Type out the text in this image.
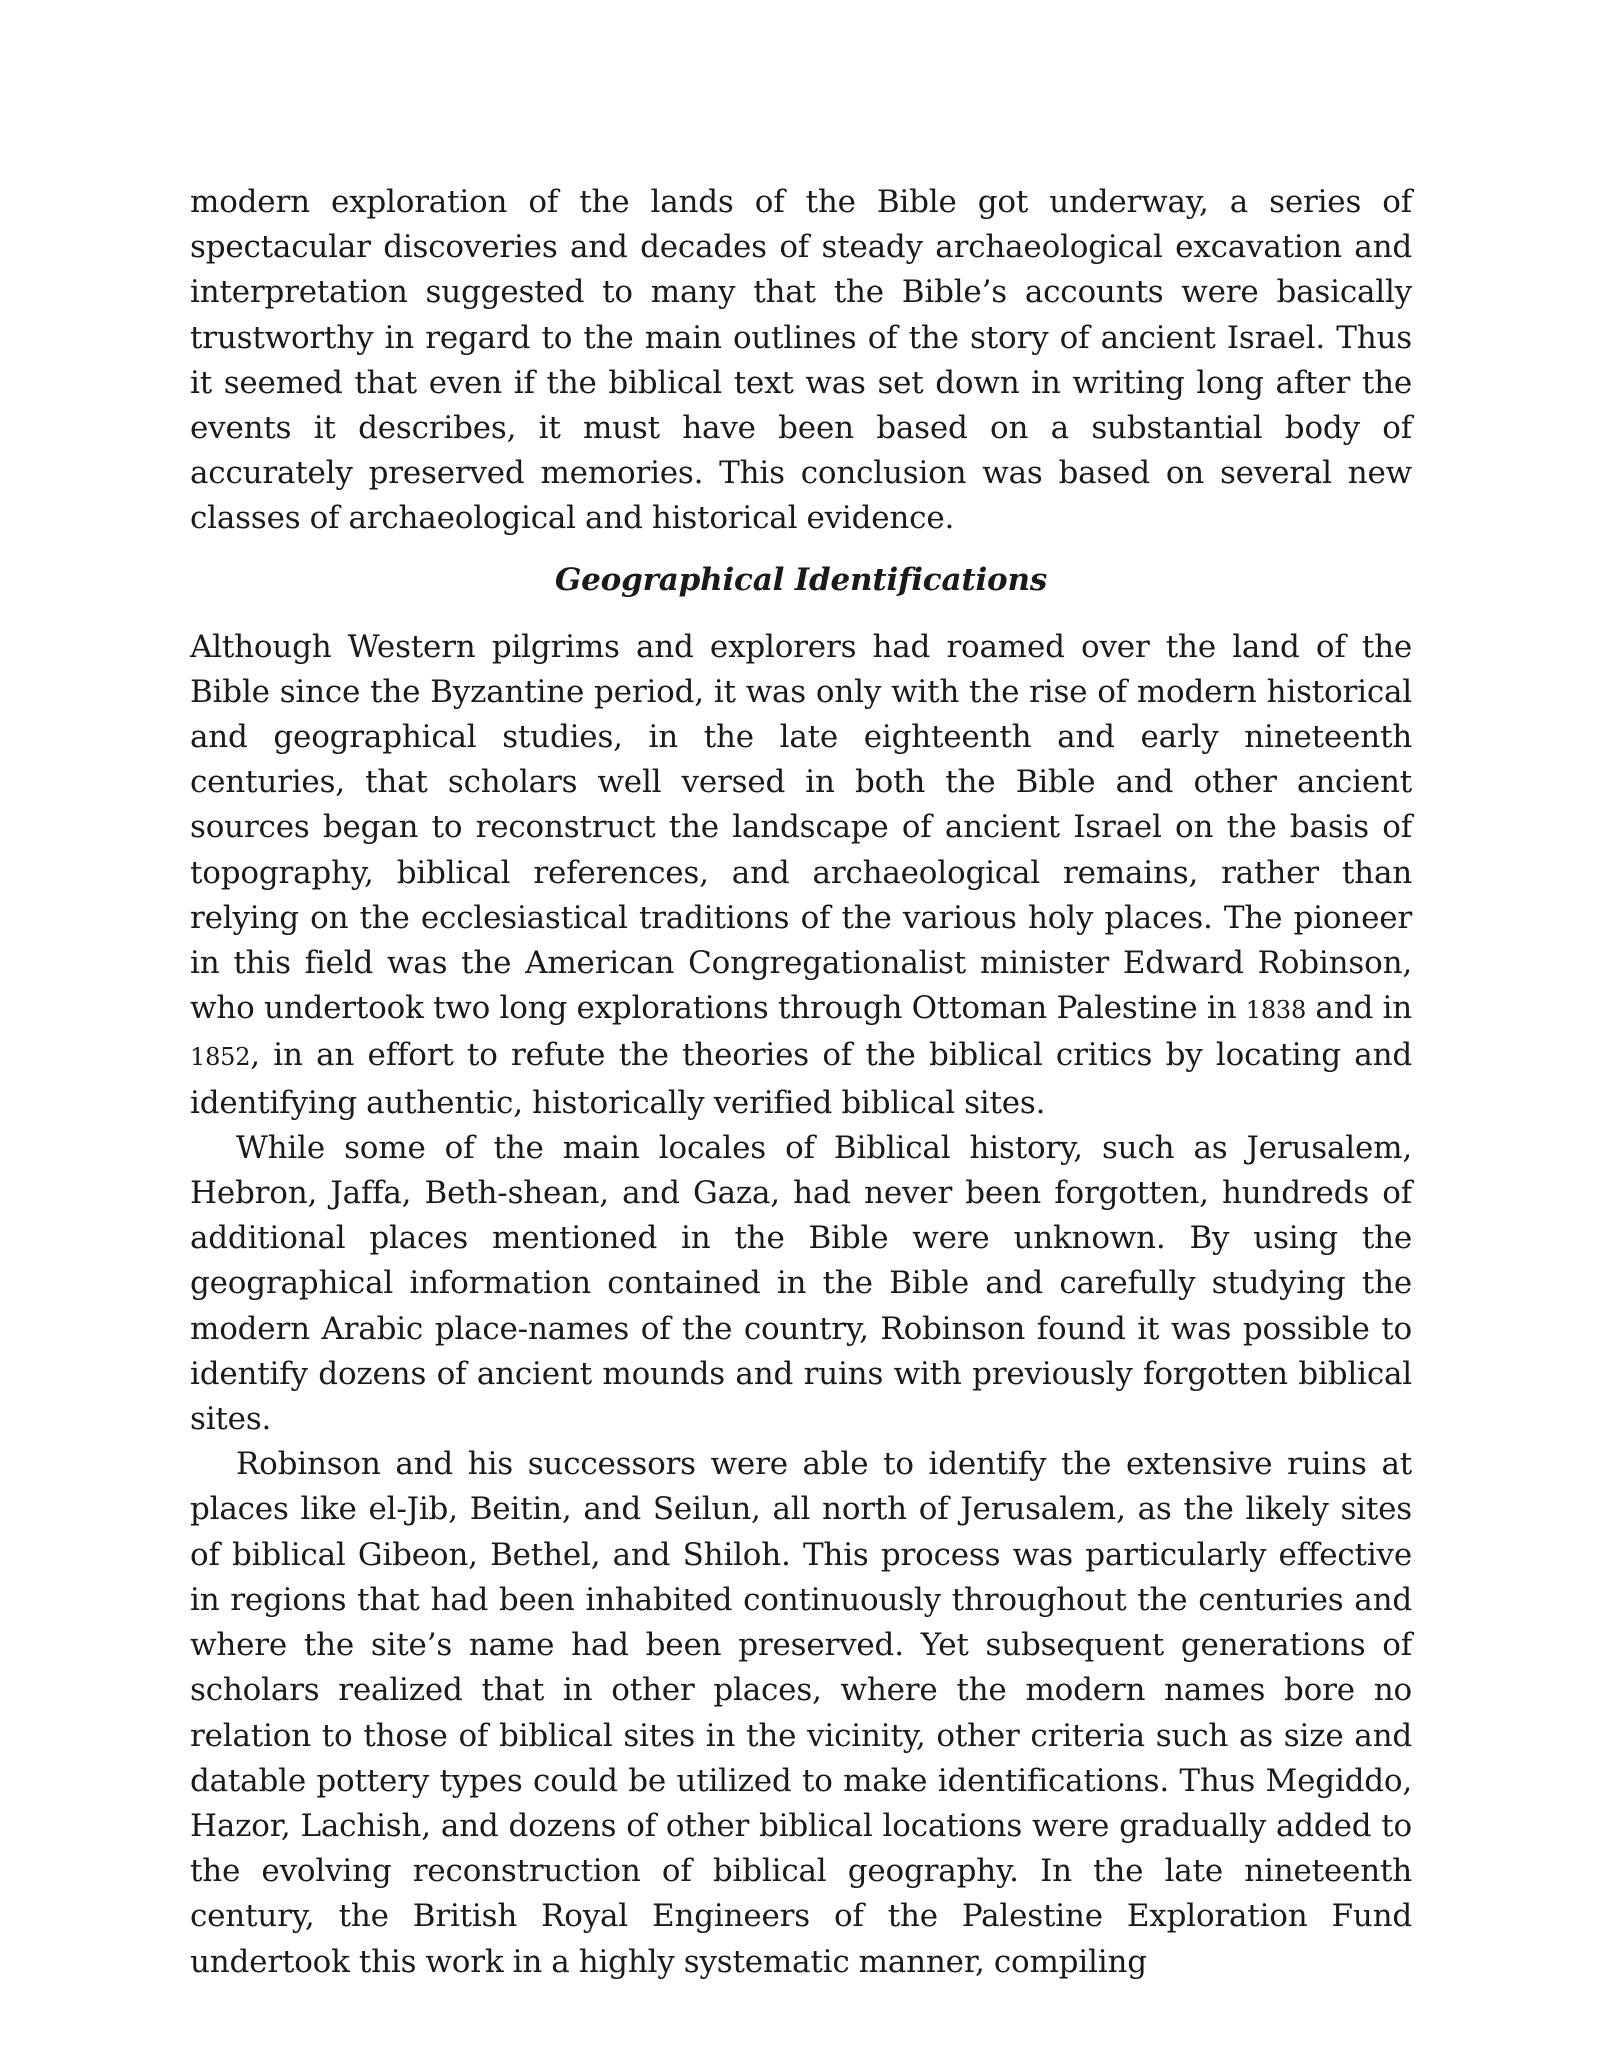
modern exploration of the lands of the Bible got underway, a series of spectacular discoveries and decades of steady archaeological excavation and interpretation suggested to many that the Bible’s accounts were basically trustworthy in regard to the main outlines of the story of ancient Israel. Thus it seemed that even if the biblical text was set down in writing long after the events it describes, it must have been based on a substantial body of accurately preserved memories. This conclusion was based on several new classes of archaeological and historical evidence.

Geographical Identifications

Although Western pilgrims and explorers had roamed over the land of the Bible since the Byzantine period, it was only with the rise of modern historical and geographical studies, in the late eighteenth and early nineteenth centuries, that scholars well versed in both the Bible and other ancient sources began to reconstruct the landscape of ancient Israel on the basis of topography, biblical references, and archaeological remains, rather than relying on the ecclesiastical traditions of the various holy places. The pioneer in this field was the American Congregationalist minister Edward Robinson, who undertook two long explorations through Ottoman Palestine in 1838 and in 1852, in an effort to refute the theories of the biblical critics by locating and identifying authentic, historically verified biblical sites.

While some of the main locales of Biblical history, such as Jerusalem, Hebron, Jaffa, Beth-shean, and Gaza, had never been forgotten, hundreds of additional places mentioned in the Bible were unknown. By using the geographical information contained in the Bible and carefully studying the modern Arabic place-names of the country, Robinson found it was possible to identify dozens of ancient mounds and ruins with previously forgotten biblical sites.

Robinson and his successors were able to identify the extensive ruins at places like el-Jib, Beitin, and Seilun, all north of Jerusalem, as the likely sites of biblical Gibeon, Bethel, and Shiloh. This process was particularly effective in regions that had been inhabited continuously throughout the centuries and where the site’s name had been preserved. Yet subsequent generations of scholars realized that in other places, where the modern names bore no relation to those of biblical sites in the vicinity, other criteria such as size and datable pottery types could be utilized to make identifications. Thus Megiddo, Hazor, Lachish, and dozens of other biblical locations were gradually added to the evolving reconstruction of biblical geography. In the late nineteenth century, the British Royal Engineers of the Palestine Exploration Fund undertook this work in a highly systematic manner, compiling
